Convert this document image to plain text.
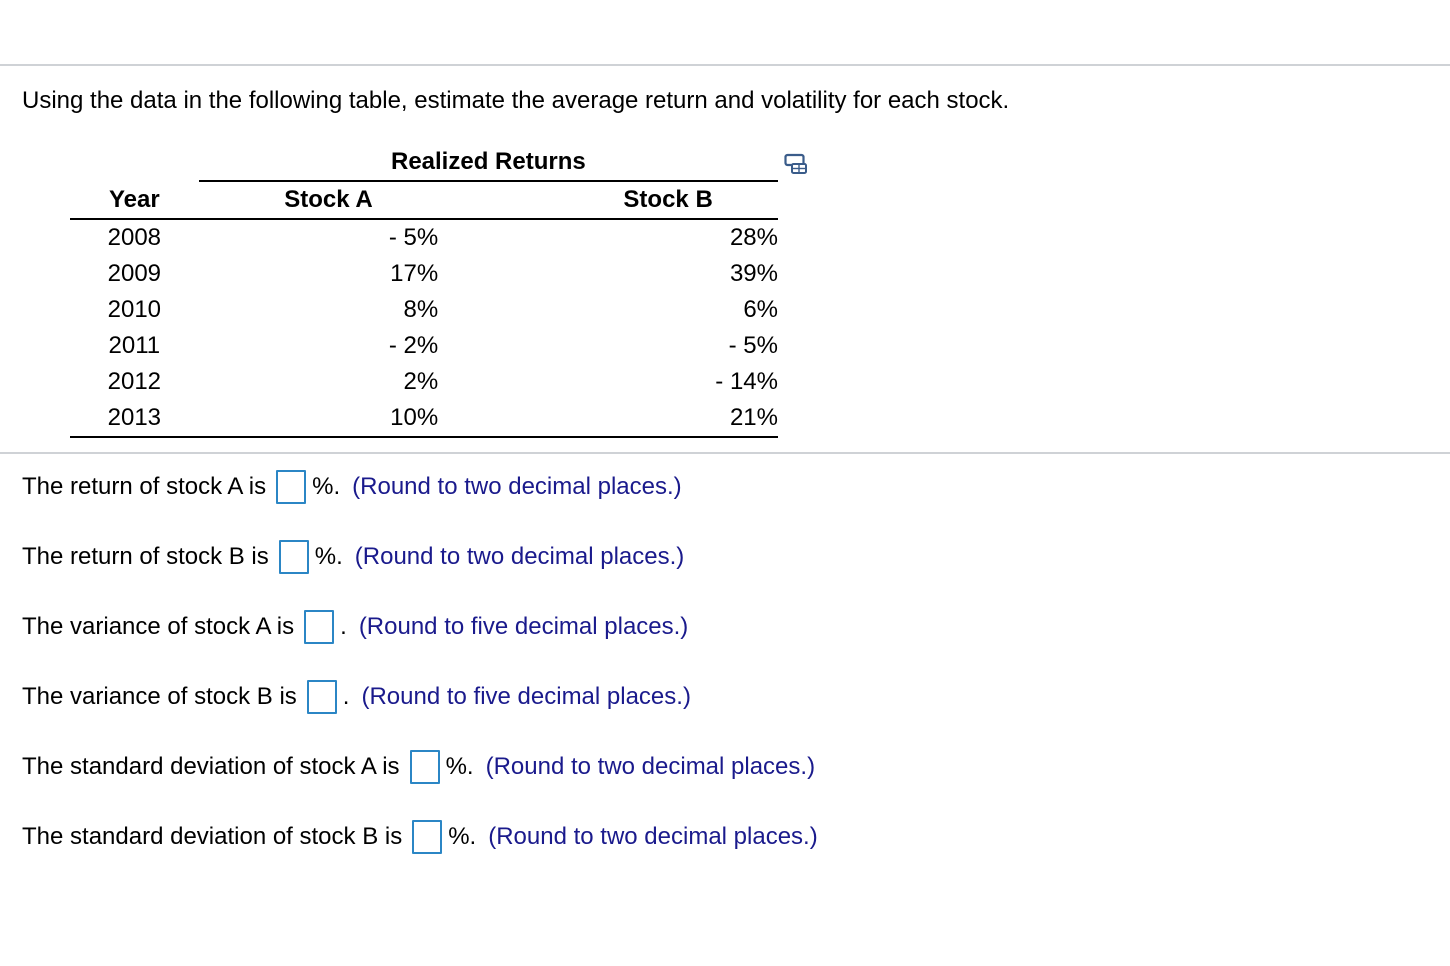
Using the data in the following table, estimate the average return and volatility for each stock.
	Realized Returns	
Year	Stock A	Stock B
2008	- 5%	28%
2009	17%	39%
2010	8%	6%
2011	- 2%	- 5%
2012	2%	- 14%
2013	10%	21%
The return of stock A is %. (Round to two decimal places.)
The return of stock B is %. (Round to two decimal places.)
The variance of stock A is . (Round to five decimal places.)
The variance of stock B is . (Round to five decimal places.)
The standard deviation of stock A is %. (Round to two decimal places.)
The standard deviation of stock B is %. (Round to two decimal places.)
